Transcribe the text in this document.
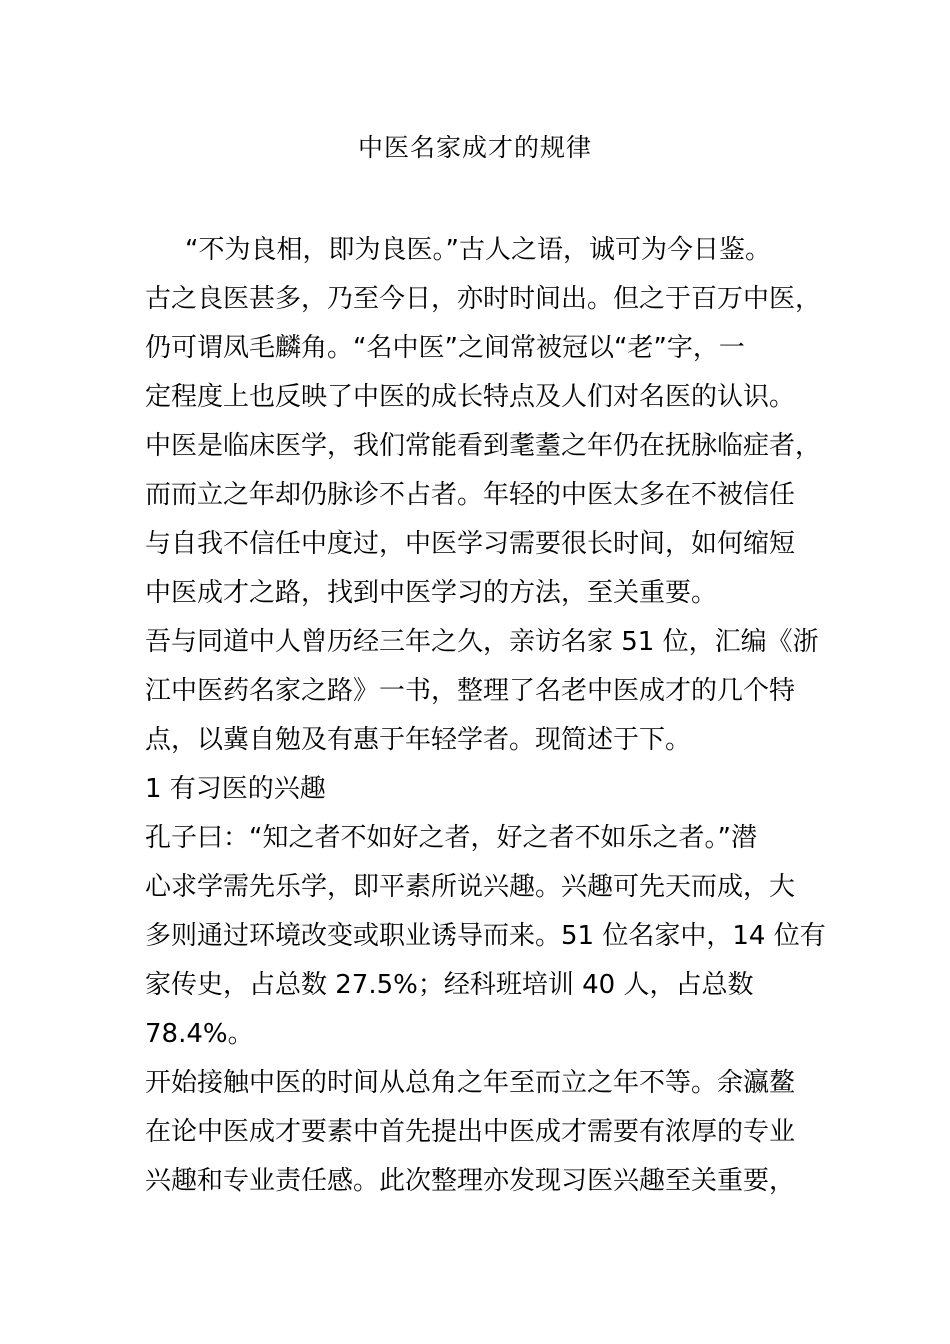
中医名家成才的规律
“不为良相，即为良医。”古人之语，诚可为今日鉴。
古之良医甚多，乃至今日，亦时时间出。但之于百万中医，
仍可谓凤毛麟角。“名中医”之间常被冠以“老”字，一
定程度上也反映了中医的成长特点及人们对名医的认识。
中医是临床医学，我们常能看到耄耋之年仍在抚脉临症者，
而而立之年却仍脉诊不占者。年轻的中医太多在不被信任
与自我不信任中度过，中医学习需要很长时间，如何缩短
中医成才之路，找到中医学习的方法，至关重要。
吾与同道中人曾历经三年之久，亲访名家 51 位，汇编《浙
江中医药名家之路》一书，整理了名老中医成才的几个特
点，以冀自勉及有惠于年轻学者。现简述于下。
1 有习医的兴趣
孔子曰：“知之者不如好之者，好之者不如乐之者。”潜
心求学需先乐学，即平素所说兴趣。兴趣可先天而成，大
多则通过环境改变或职业诱导而来。51 位名家中，14 位有
家传史，占总数 27.5%；经科班培训 40 人，占总数
78.4%。
开始接触中医的时间从总角之年至而立之年不等。余瀛鳌
在论中医成才要素中首先提出中医成才需要有浓厚的专业
兴趣和专业责任感。此次整理亦发现习医兴趣至关重要，
